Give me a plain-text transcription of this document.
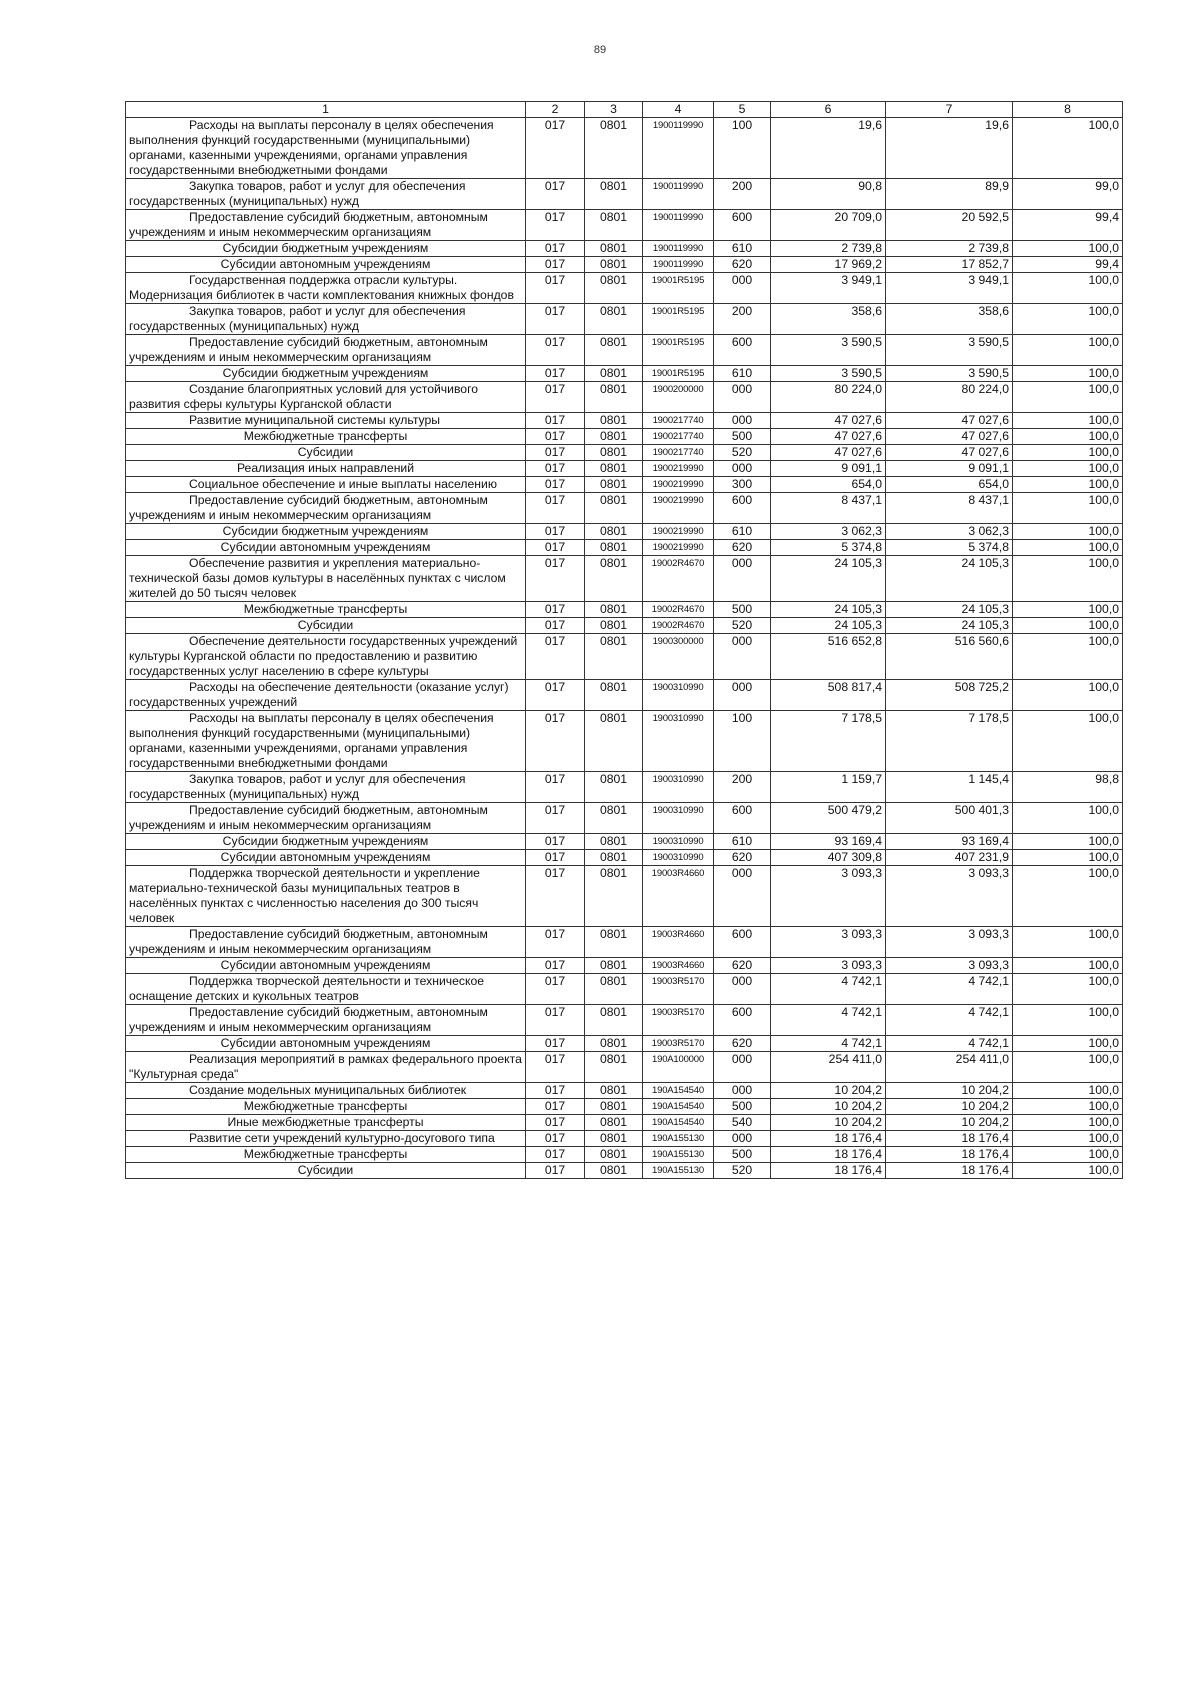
89
1	2	3	4	5	6	7	8
Расходы на выплаты персоналу в целях обеспечения выполнения функций государственными (муниципальными) органами, казенными учреждениями, органами управления государственными внебюджетными фондами	017	0801	1900119990	100	19,6	19,6	100,0
Закупка товаров, работ и услуг для обеспечения государственных (муниципальных) нужд	017	0801	1900119990	200	90,8	89,9	99,0
Предоставление субсидий бюджетным, автономным учреждениям и иным некоммерческим организациям	017	0801	1900119990	600	20 709,0	20 592,5	99,4
Субсидии бюджетным учреждениям	017	0801	1900119990	610	2 739,8	2 739,8	100,0
Субсидии автономным учреждениям	017	0801	1900119990	620	17 969,2	17 852,7	99,4
Государственная поддержка отрасли культуры. Модернизация библиотек в части комплектования книжных фондов	017	0801	19001R5195	000	3 949,1	3 949,1	100,0
Закупка товаров, работ и услуг для обеспечения государственных (муниципальных) нужд	017	0801	19001R5195	200	358,6	358,6	100,0
Предоставление субсидий бюджетным, автономным учреждениям и иным некоммерческим организациям	017	0801	19001R5195	600	3 590,5	3 590,5	100,0
Субсидии бюджетным учреждениям	017	0801	19001R5195	610	3 590,5	3 590,5	100,0
Создание благоприятных условий для устойчивого развития сферы культуры Курганской области	017	0801	1900200000	000	80 224,0	80 224,0	100,0
Развитие муниципальной системы культуры	017	0801	1900217740	000	47 027,6	47 027,6	100,0
Межбюджетные трансферты	017	0801	1900217740	500	47 027,6	47 027,6	100,0
Субсидии	017	0801	1900217740	520	47 027,6	47 027,6	100,0
Реализация иных направлений	017	0801	1900219990	000	9 091,1	9 091,1	100,0
Социальное обеспечение и иные выплаты населению	017	0801	1900219990	300	654,0	654,0	100,0
Предоставление субсидий бюджетным, автономным учреждениям и иным некоммерческим организациям	017	0801	1900219990	600	8 437,1	8 437,1	100,0
Субсидии бюджетным учреждениям	017	0801	1900219990	610	3 062,3	3 062,3	100,0
Субсидии автономным учреждениям	017	0801	1900219990	620	5 374,8	5 374,8	100,0
Обеспечение развития и укрепления материально-технической базы домов культуры в населённых пунктах с числом жителей до 50 тысяч человек	017	0801	19002R4670	000	24 105,3	24 105,3	100,0
Межбюджетные трансферты	017	0801	19002R4670	500	24 105,3	24 105,3	100,0
Субсидии	017	0801	19002R4670	520	24 105,3	24 105,3	100,0
Обеспечение деятельности государственных учреждений культуры Курганской области по предоставлению и развитию государственных услуг населению в сфере культуры	017	0801	1900300000	000	516 652,8	516 560,6	100,0
Расходы на обеспечение деятельности (оказание услуг) государственных учреждений	017	0801	1900310990	000	508 817,4	508 725,2	100,0
Расходы на выплаты персоналу в целях обеспечения выполнения функций государственными (муниципальными) органами, казенными учреждениями, органами управления государственными внебюджетными фондами	017	0801	1900310990	100	7 178,5	7 178,5	100,0
Закупка товаров, работ и услуг для обеспечения государственных (муниципальных) нужд	017	0801	1900310990	200	1 159,7	1 145,4	98,8
Предоставление субсидий бюджетным, автономным учреждениям и иным некоммерческим организациям	017	0801	1900310990	600	500 479,2	500 401,3	100,0
Субсидии бюджетным учреждениям	017	0801	1900310990	610	93 169,4	93 169,4	100,0
Субсидии автономным учреждениям	017	0801	1900310990	620	407 309,8	407 231,9	100,0
Поддержка творческой деятельности и укрепление материально-технической базы муниципальных театров в населённых пунктах с численностью населения до 300 тысяч человек	017	0801	19003R4660	000	3 093,3	3 093,3	100,0
Предоставление субсидий бюджетным, автономным учреждениям и иным некоммерческим организациям	017	0801	19003R4660	600	3 093,3	3 093,3	100,0
Субсидии автономным учреждениям	017	0801	19003R4660	620	3 093,3	3 093,3	100,0
Поддержка творческой деятельности и техническое оснащение детских и кукольных театров	017	0801	19003R5170	000	4 742,1	4 742,1	100,0
Предоставление субсидий бюджетным, автономным учреждениям и иным некоммерческим организациям	017	0801	19003R5170	600	4 742,1	4 742,1	100,0
Субсидии автономным учреждениям	017	0801	19003R5170	620	4 742,1	4 742,1	100,0
Реализация мероприятий в рамках федерального проекта "Культурная среда"	017	0801	190A100000	000	254 411,0	254 411,0	100,0
Создание модельных муниципальных библиотек	017	0801	190A154540	000	10 204,2	10 204,2	100,0
Межбюджетные трансферты	017	0801	190A154540	500	10 204,2	10 204,2	100,0
Иные межбюджетные трансферты	017	0801	190A154540	540	10 204,2	10 204,2	100,0
Развитие сети учреждений культурно-досугового типа	017	0801	190A155130	000	18 176,4	18 176,4	100,0
Межбюджетные трансферты	017	0801	190A155130	500	18 176,4	18 176,4	100,0
Субсидии	017	0801	190A155130	520	18 176,4	18 176,4	100,0
